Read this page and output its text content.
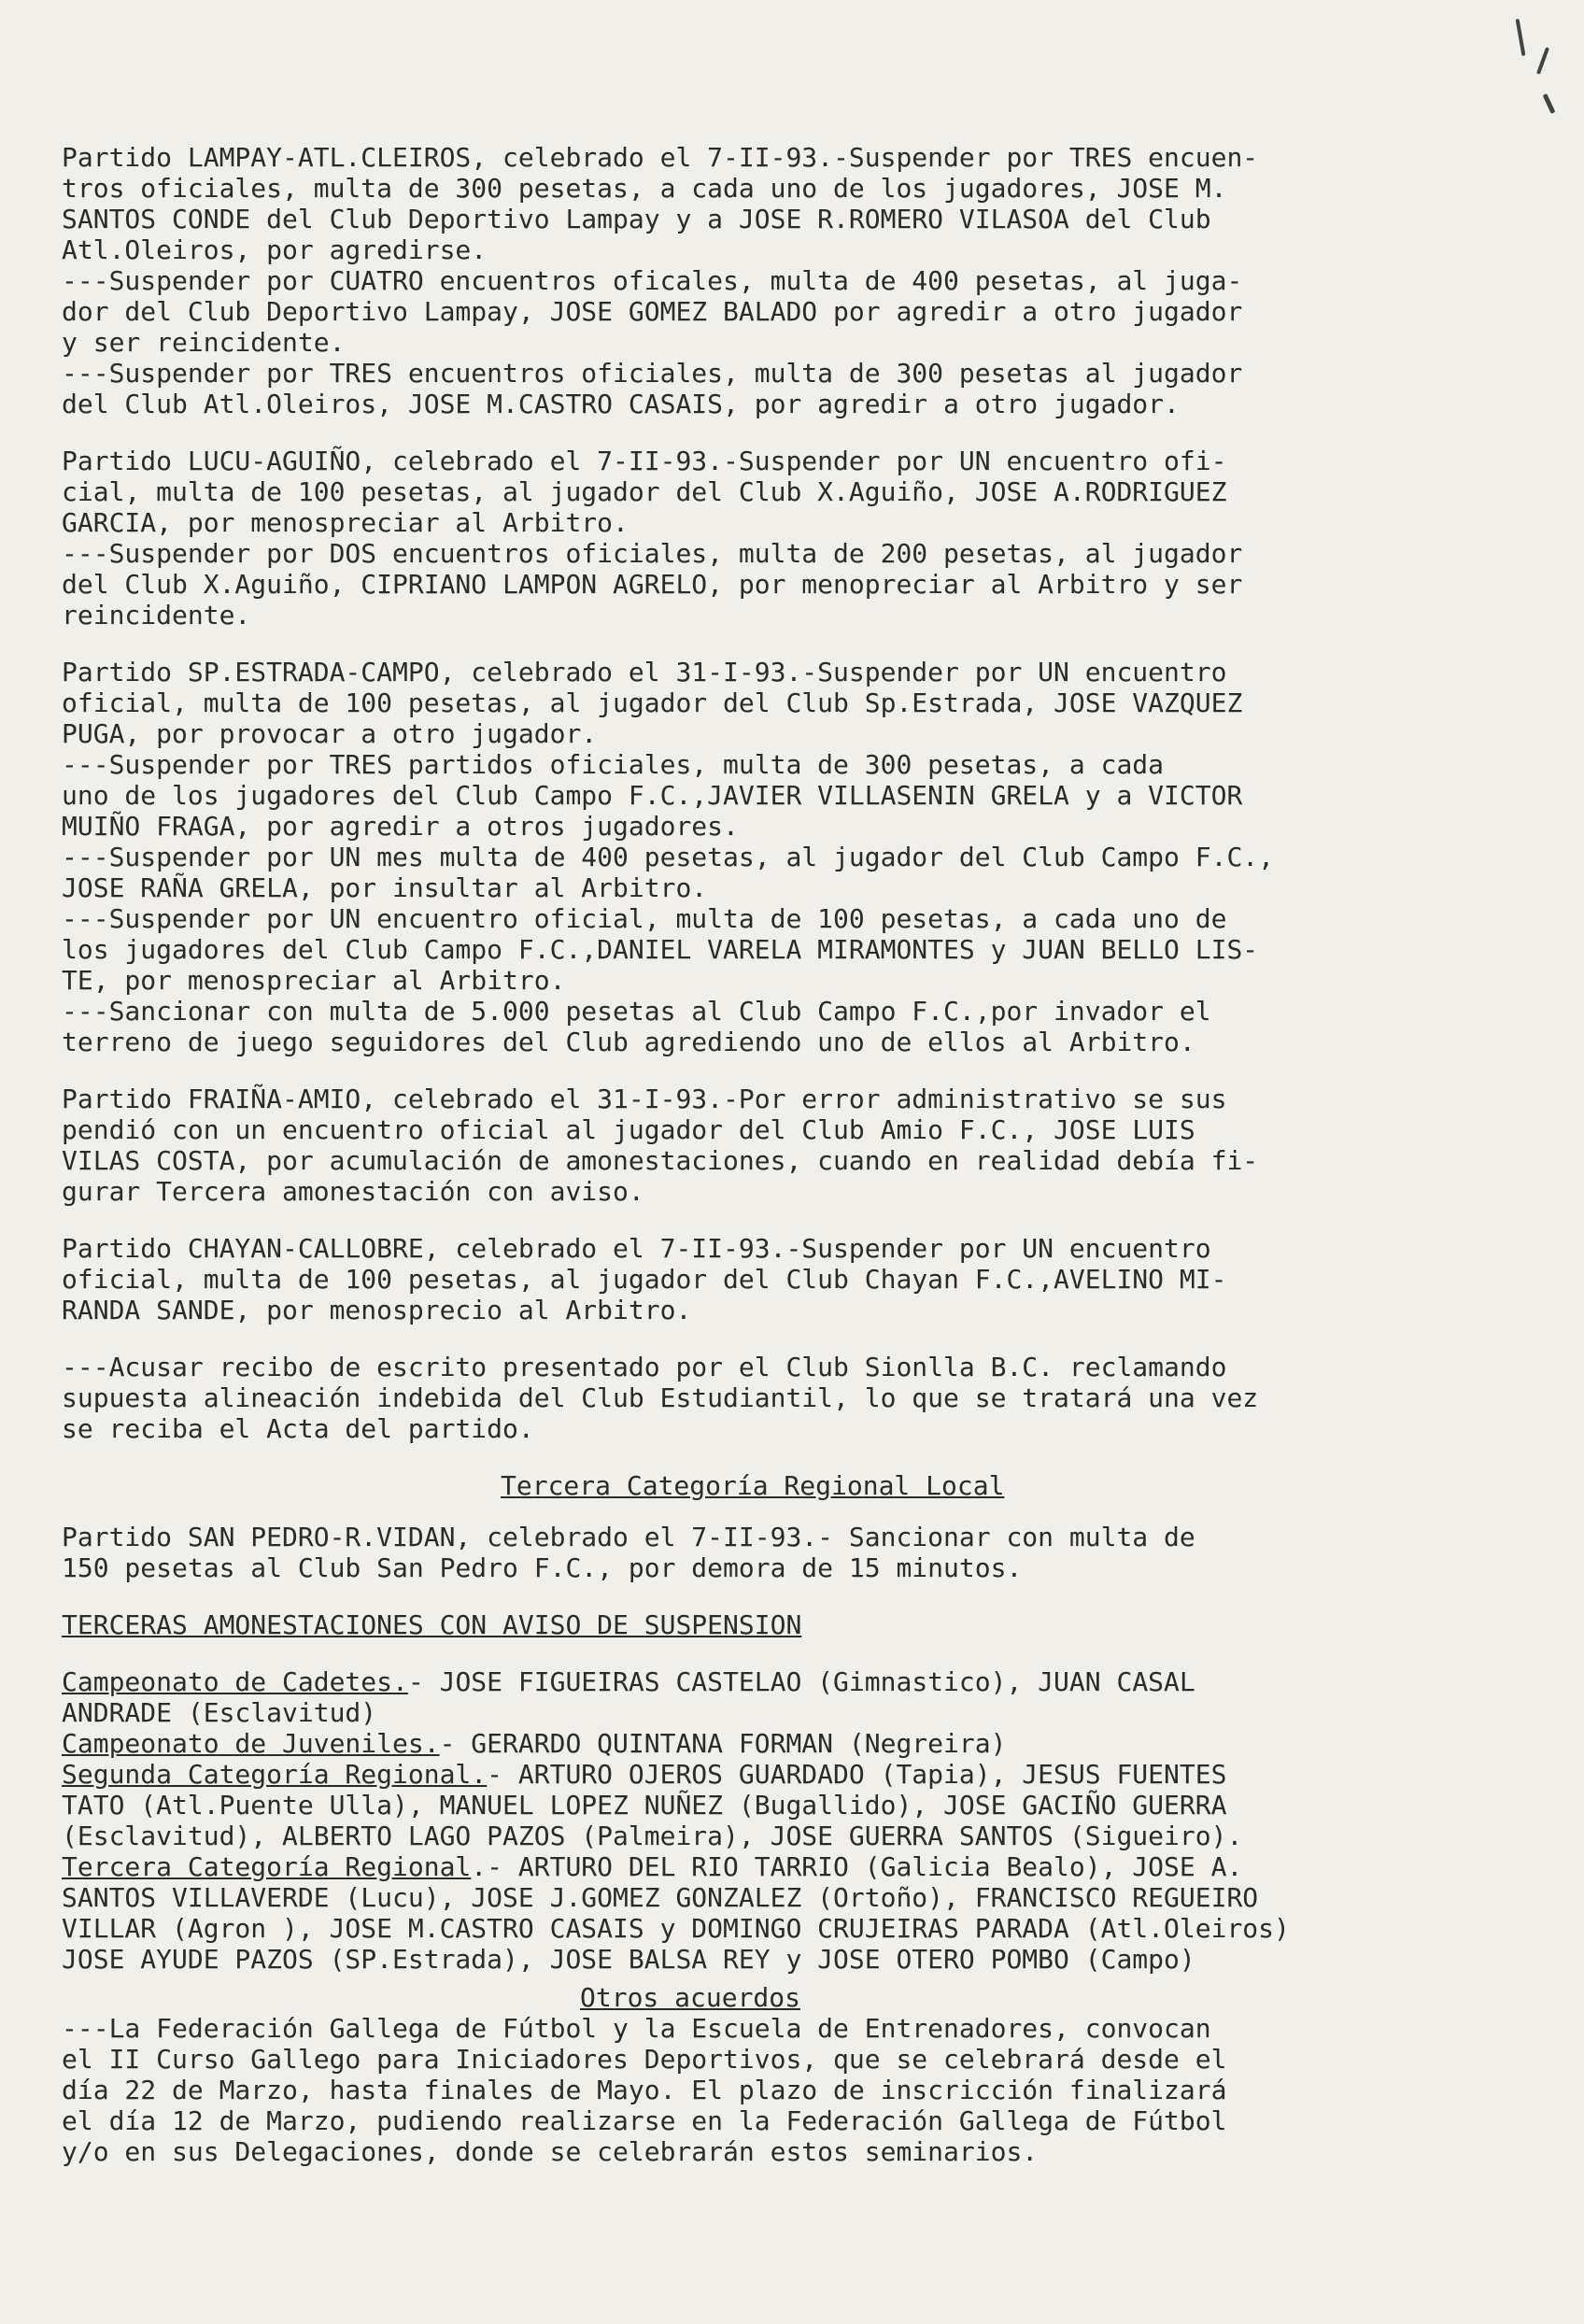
Partido LAMPAY-ATL.CLEIROS, celebrado el 7-II-93.-Suspender por TRES encuen-
tros oficiales, multa de 300 pesetas, a cada uno de los jugadores, JOSE M.
SANTOS CONDE del Club Deportivo Lampay y a JOSE R.ROMERO VILASOA del Club
Atl.Oleiros, por agredirse.
---Suspender por CUATRO encuentros oficales, multa de 400 pesetas, al juga-
dor del Club Deportivo Lampay, JOSE GOMEZ BALADO por agredir a otro jugador
y ser reincidente.
---Suspender por TRES encuentros oficiales, multa de 300 pesetas al jugador
del Club Atl.Oleiros, JOSE M.CASTRO CASAIS, por agredir a otro jugador.

Partido LUCU-AGUIÑO, celebrado el 7-II-93.-Suspender por UN encuentro ofi-
cial, multa de 100 pesetas, al jugador del Club X.Aguiño, JOSE A.RODRIGUEZ
GARCIA, por menospreciar al Arbitro.
---Suspender por DOS encuentros oficiales, multa de 200 pesetas, al jugador
del Club X.Aguiño, CIPRIANO LAMPON AGRELO, por menopreciar al Arbitro y ser
reincidente.

Partido SP.ESTRADA-CAMPO, celebrado el 31-I-93.-Suspender por UN encuentro
oficial, multa de 100 pesetas, al jugador del Club Sp.Estrada, JOSE VAZQUEZ
PUGA, por provocar a otro jugador.
---Suspender por TRES partidos oficiales, multa de 300 pesetas, a cada
uno de los jugadores del Club Campo F.C.,JAVIER VILLASENIN GRELA y a VICTOR
MUIÑO FRAGA, por agredir a otros jugadores.
---Suspender por UN mes multa de 400 pesetas, al jugador del Club Campo F.C.,
JOSE RAÑA GRELA, por insultar al Arbitro.
---Suspender por UN encuentro oficial, multa de 100 pesetas, a cada uno de
los jugadores del Club Campo F.C.,DANIEL VARELA MIRAMONTES y JUAN BELLO LIS-
TE, por menospreciar al Arbitro.
---Sancionar con multa de 5.000 pesetas al Club Campo F.C.,por invador el
terreno de juego seguidores del Club agrediendo uno de ellos al Arbitro.

Partido FRAIÑA-AMIO, celebrado el 31-I-93.-Por error administrativo se sus
pendió con un encuentro oficial al jugador del Club Amio F.C., JOSE LUIS
VILAS COSTA, por acumulación de amonestaciones, cuando en realidad debía fi-
gurar Tercera amonestación con aviso.

Partido CHAYAN-CALLOBRE, celebrado el 7-II-93.-Suspender por UN encuentro
oficial, multa de 100 pesetas, al jugador del Club Chayan F.C.,AVELINO MI-
RANDA SANDE, por menosprecio al Arbitro.

---Acusar recibo de escrito presentado por el Club Sionlla B.C. reclamando
supuesta alineación indebida del Club Estudiantil, lo que se tratará una vez
se reciba el Acta del partido.

Tercera Categoría Regional Local

Partido SAN PEDRO-R.VIDAN, celebrado el 7-II-93.- Sancionar con multa de
150 pesetas al Club San Pedro F.C., por demora de 15 minutos.

TERCERAS AMONESTACIONES CON AVISO DE SUSPENSION

Campeonato de Cadetes.- JOSE FIGUEIRAS CASTELAO (Gimnastico), JUAN CASAL
ANDRADE (Esclavitud)
Campeonato de Juveniles.- GERARDO QUINTANA FORMAN (Negreira)
Segunda Categoría Regional.- ARTURO OJEROS GUARDADO (Tapia), JESUS FUENTES
TATO (Atl.Puente Ulla), MANUEL LOPEZ NUÑEZ (Bugallido), JOSE GACIÑO GUERRA
(Esclavitud), ALBERTO LAGO PAZOS (Palmeira), JOSE GUERRA SANTOS (Sigueiro).
Tercera Categoría Regional.- ARTURO DEL RIO TARRIO (Galicia Bealo), JOSE A.
SANTOS VILLAVERDE (Lucu), JOSE J.GOMEZ GONZALEZ (Ortoño), FRANCISCO REGUEIRO
VILLAR (Agron ), JOSE M.CASTRO CASAIS y DOMINGO CRUJEIRAS PARADA (Atl.Oleiros)
JOSE AYUDE PAZOS (SP.Estrada), JOSE BALSA REY y JOSE OTERO POMBO (Campo)
Otros acuerdos

---La Federación Gallega de Fútbol y la Escuela de Entrenadores, convocan
el II Curso Gallego para Iniciadores Deportivos, que se celebrará desde el
día 22 de Marzo, hasta finales de Mayo. El plazo de inscricción finalizará
el día 12 de Marzo, pudiendo realizarse en la Federación Gallega de Fútbol
y/o en sus Delegaciones, donde se celebrarán estos seminarios.
